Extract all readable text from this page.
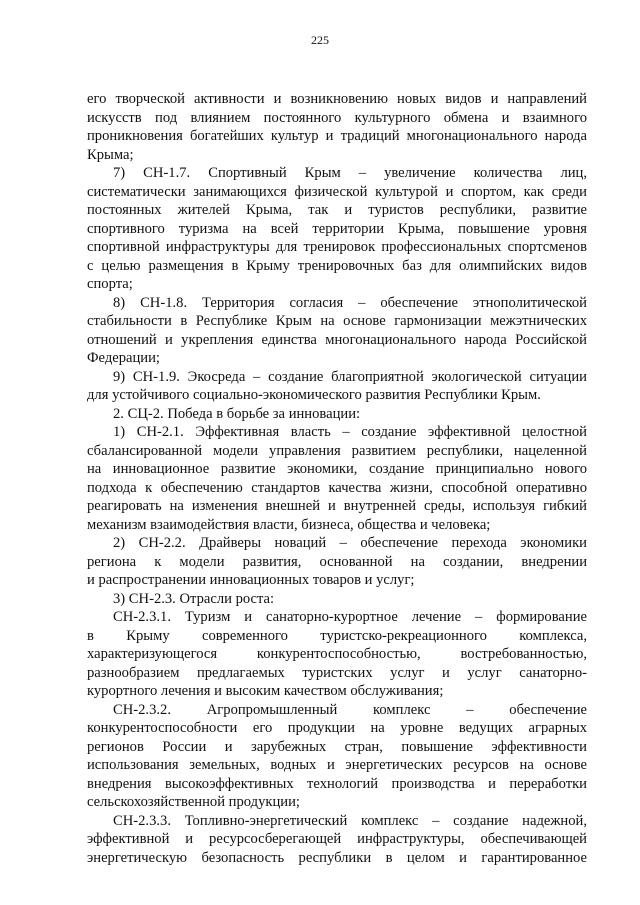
225
его творческой активности и возникновению новых видов и направлений
искусств под влиянием постоянного культурного обмена и взаимного
проникновения богатейших культур и традиций многонационального народа
Крыма;
7) СН-1.7. Спортивный Крым – увеличение количества лиц,
систематически занимающихся физической культурой и спортом, как среди
постоянных жителей Крыма, так и туристов республики, развитие
спортивного туризма на всей территории Крыма, повышение уровня
спортивной инфраструктуры для тренировок профессиональных спортсменов
с целью размещения в Крыму тренировочных баз для олимпийских видов
спорта;
8) СН-1.8. Территория согласия – обеспечение этнополитической
стабильности в Республике Крым на основе гармонизации межэтнических
отношений и укрепления единства многонационального народа Российской
Федерации;
9) СН-1.9. Экосреда – создание благоприятной экологической ситуации
для устойчивого социально-экономического развития Республики Крым.
2. СЦ-2. Победа в борьбе за инновации:
1) СН-2.1. Эффективная власть – создание эффективной целостной
сбалансированной модели управления развитием республики, нацеленной
на инновационное развитие экономики, создание принципиально нового
подхода к обеспечению стандартов качества жизни, способной оперативно
реагировать на изменения внешней и внутренней среды, используя гибкий
механизм взаимодействия власти, бизнеса, общества и человека;
2) СН-2.2. Драйверы новаций – обеспечение перехода экономики
региона к модели развития, основанной на создании, внедрении
и распространении инновационных товаров и услуг;
3) СН-2.3. Отрасли роста:
СН-2.3.1. Туризм и санаторно-курортное лечение – формирование
в Крыму современного туристско-рекреационного комплекса,
характеризующегося конкурентоспособностью, востребованностью,
разнообразием предлагаемых туристских услуг и услуг санаторно-
курортного лечения и высоким качеством обслуживания;
СН-2.3.2. Агропромышленный комплекс – обеспечение
конкурентоспособности его продукции на уровне ведущих аграрных
регионов России и зарубежных стран, повышение эффективности
использования земельных, водных и энергетических ресурсов на основе
внедрения высокоэффективных технологий производства и переработки
сельскохозяйственной продукции;
СН-2.3.3. Топливно-энергетический комплекс – создание надежной,
эффективной и ресурсосберегающей инфраструктуры, обеспечивающей
энергетическую безопасность республики в целом и гарантированное
